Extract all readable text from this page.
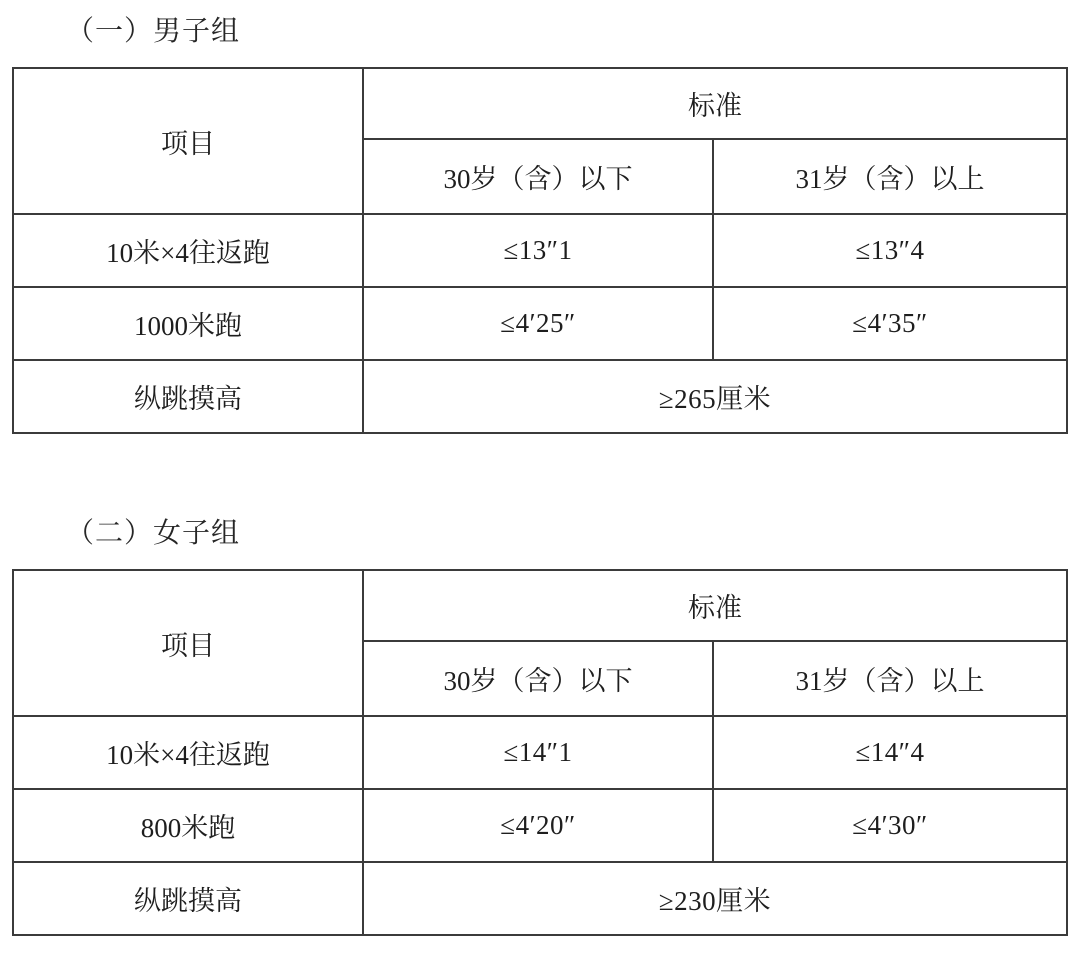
（一）男子组
项目	标准	
	30岁（含）以下	31岁（含）以上
10米×4往返跑	≤13″1	≤13″4
1000米跑	≤4′25″	≤4′35″
纵跳摸高	≥265厘米	
（二）女子组
项目	标准	
	30岁（含）以下	31岁（含）以上
10米×4往返跑	≤14″1	≤14″4
800米跑	≤4′20″	≤4′30″
纵跳摸高	≥230厘米	
